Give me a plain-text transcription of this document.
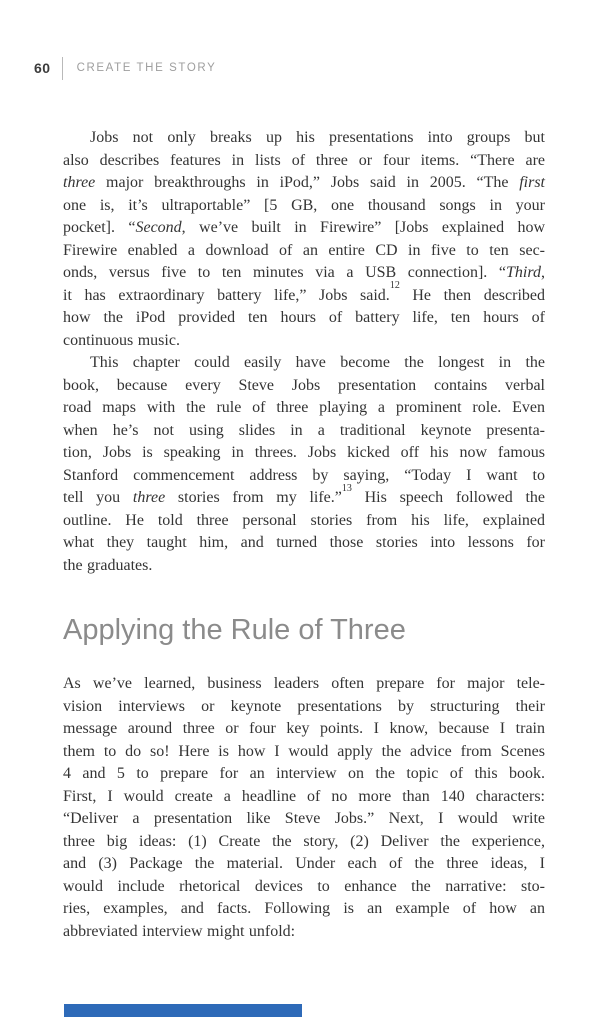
60 CREATE THE STORY
Jobs not only breaks up his presentations into groups but
also describes features in lists of three or four items. “There are
three major breakthroughs in iPod,” Jobs said in 2005. “The first
one is, it’s ultraportable” [5 GB, one thousand songs in your
pocket]. “Second, we’ve built in Firewire” [Jobs explained how
Firewire enabled a download of an entire CD in five to ten sec-
onds, versus five to ten minutes via a USB connection]. “Third,
it has extraordinary battery life,” Jobs said.$^{12}$ He then described
how the iPod provided ten hours of battery life, ten hours of
continuous music.
This chapter could easily have become the longest in the
book, because every Steve Jobs presentation contains verbal
road maps with the rule of three playing a prominent role. Even
when he’s not using slides in a traditional keynote presenta-
tion, Jobs is speaking in threes. Jobs kicked off his now famous
Stanford commencement address by saying, “Today I want to
tell you three stories from my life.”$^{13}$ His speech followed the
outline. He told three personal stories from his life, explained
what they taught him, and turned those stories into lessons for
the graduates.
Applying the Rule of Three
As we’ve learned, business leaders often prepare for major tele-
vision interviews or keynote presentations by structuring their
message around three or four key points. I know, because I train
them to do so! Here is how I would apply the advice from Scenes
4 and 5 to prepare for an interview on the topic of this book.
First, I would create a headline of no more than 140 characters:
“Deliver a presentation like Steve Jobs.” Next, I would write
three big ideas: (1) Create the story, (2) Deliver the experience,
and (3) Package the material. Under each of the three ideas, I
would include rhetorical devices to enhance the narrative: sto-
ries, examples, and facts. Following is an example of how an
abbreviated interview might unfold:
